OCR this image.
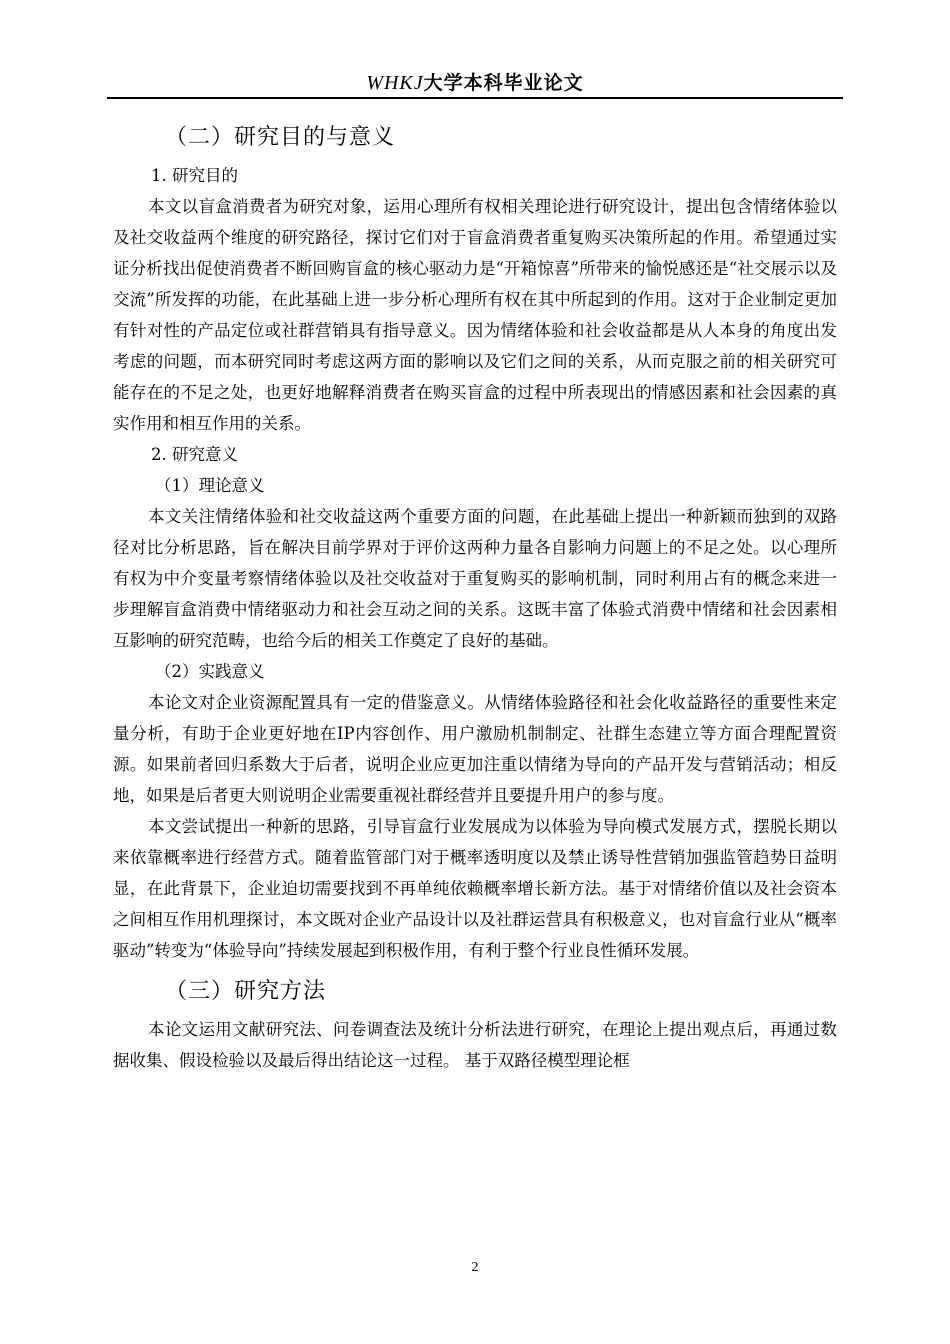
WHKJ大学本科毕业论文
（二）研究目的与意义

1. 研究目的

本文以盲盒消费者为研究对象，运用心理所有权相关理论进行研究设计，提出包含情绪体验以及社交收益两个维度的研究路径，探讨它们对于盲盒消费者重复购买决策所起的作用。希望通过实证分析找出促使消费者不断回购盲盒的核心驱动力是“开箱惊喜”所带来的愉悦感还是“社交展示以及交流”所发挥的功能，在此基础上进一步分析心理所有权在其中所起到的作用。这对于企业制定更加有针对性的产品定位或社群营销具有指导意义。因为情绪体验和社会收益都是从人本身的角度出发考虑的问题，而本研究同时考虑这两方面的影响以及它们之间的关系，从而克服之前的相关研究可能存在的不足之处，也更好地解释消费者在购买盲盒的过程中所表现出的情感因素和社会因素的真实作用和相互作用的关系。

2. 研究意义

（1）理论意义

本文关注情绪体验和社交收益这两个重要方面的问题，在此基础上提出一种新颖而独到的双路径对比分析思路，旨在解决目前学界对于评价这两种力量各自影响力问题上的不足之处。以心理所有权为中介变量考察情绪体验以及社交收益对于重复购买的影响机制，同时利用占有的概念来进一步理解盲盒消费中情绪驱动力和社会互动之间的关系。这既丰富了体验式消费中情绪和社会因素相互影响的研究范畴，也给今后的相关工作奠定了良好的基础。

（2）实践意义

本论文对企业资源配置具有一定的借鉴意义。从情绪体验路径和社会化收益路径的重要性来定量分析，有助于企业更好地在IP内容创作、用户激励机制制定、社群生态建立等方面合理配置资源。如果前者回归系数大于后者，说明企业应更加注重以情绪为导向的产品开发与营销活动；相反地，如果是后者更大则说明企业需要重视社群经营并且要提升用户的参与度。

本文尝试提出一种新的思路，引导盲盒行业发展成为以体验为导向模式发展方式，摆脱长期以来依靠概率进行经营方式。随着监管部门对于概率透明度以及禁止诱导性营销加强监管趋势日益明显，在此背景下，企业迫切需要找到不再单纯依赖概率增长新方法。基于对情绪价值以及社会资本之间相互作用机理探讨，本文既对企业产品设计以及社群运营具有积极意义，也对盲盒行业从“概率驱动”转变为“体验导向”持续发展起到积极作用，有利于整个行业良性循环发展。

（三）研究方法

本论文运用文献研究法、问卷调查法及统计分析法进行研究，在理论上提出观点后，再通过数据收集、假设检验以及最后得出结论这一过程。 基于双路径模型理论框

2
